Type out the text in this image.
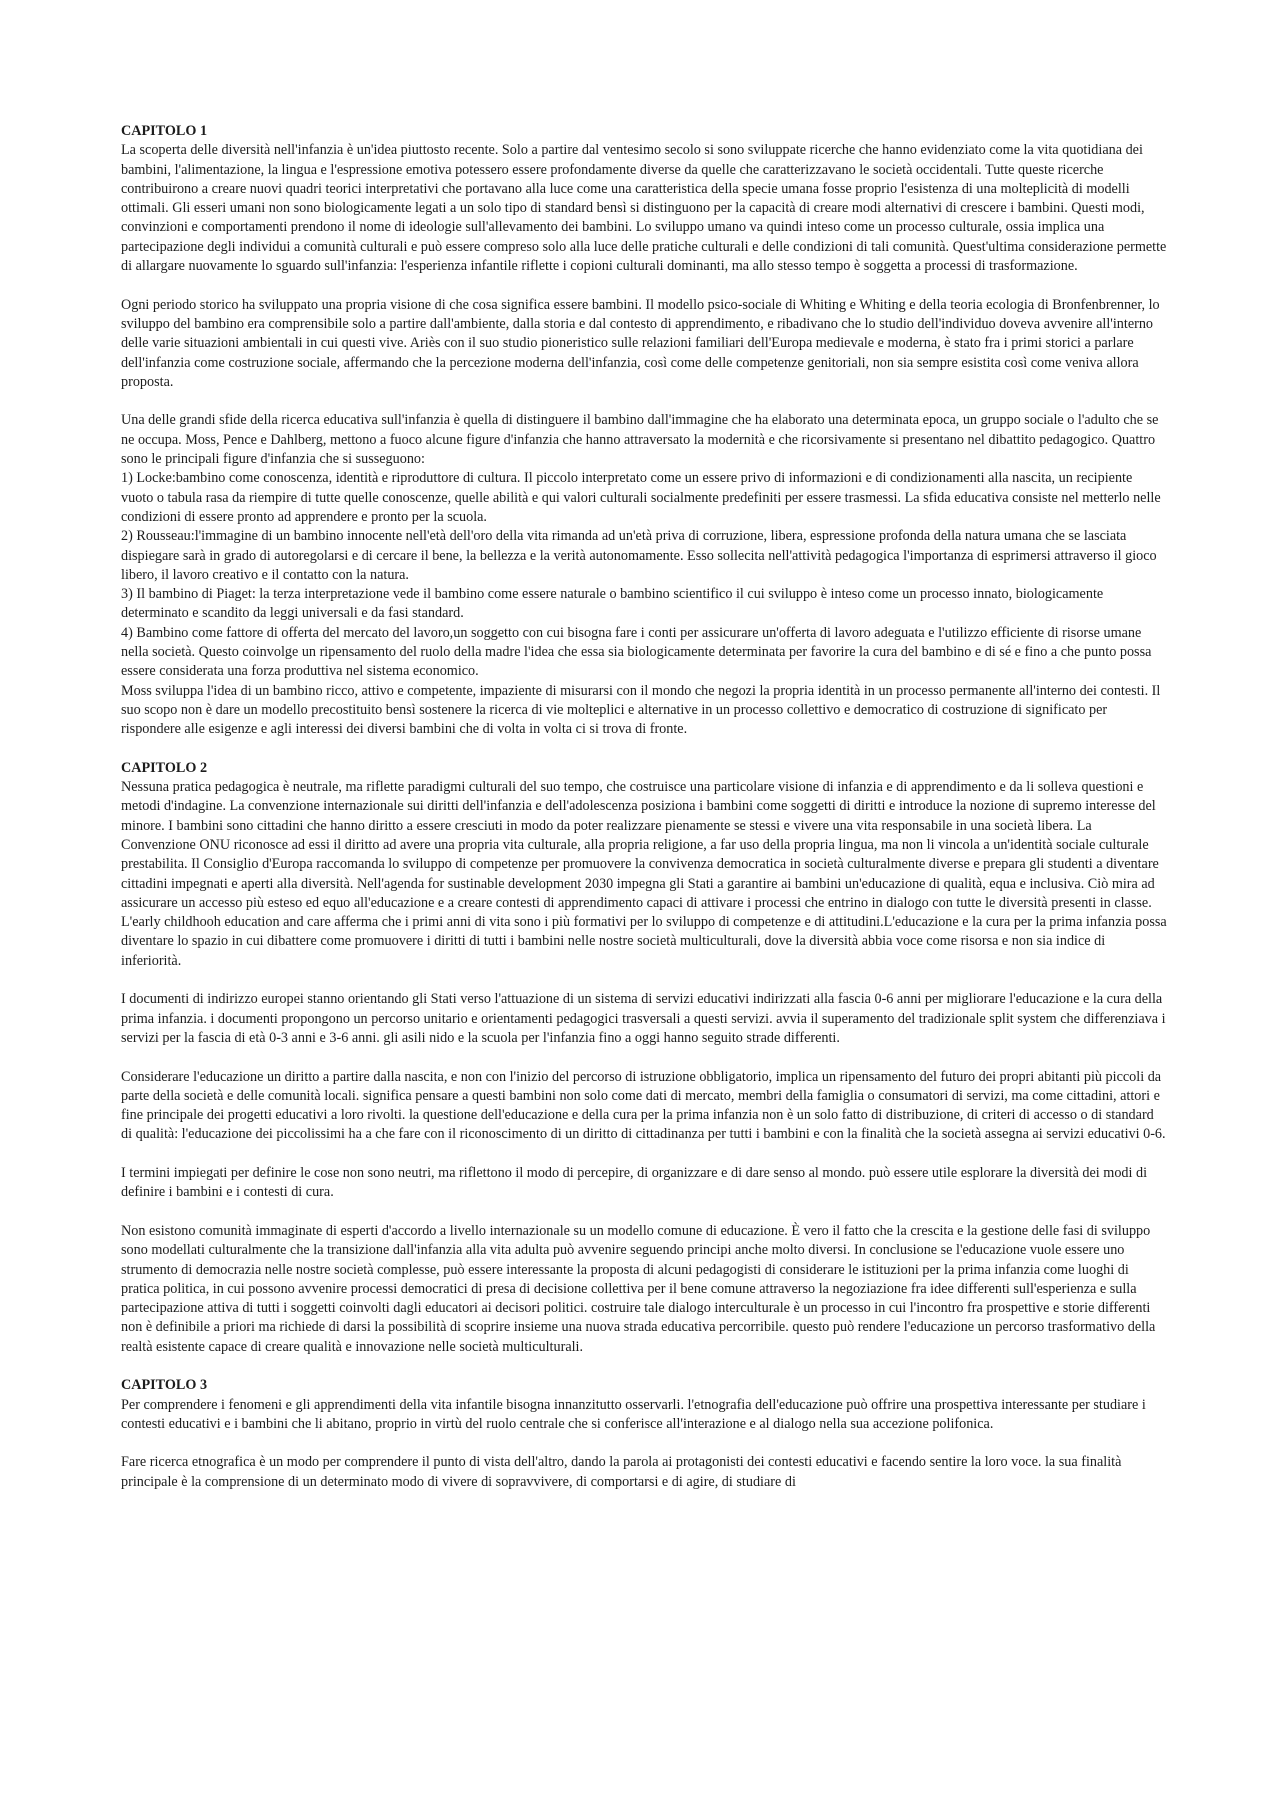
CAPITOLO 1

La scoperta delle diversità nell'infanzia è un'idea piuttosto recente. Solo a partire dal ventesimo secolo si sono sviluppate ricerche che hanno evidenziato come la vita quotidiana dei bambini, l'alimentazione, la lingua e l'espressione emotiva potessero essere profondamente diverse da quelle che caratterizzavano le società occidentali. Tutte queste ricerche contribuirono a creare nuovi quadri teorici interpretativi che portavano alla luce come una caratteristica della specie umana fosse proprio l'esistenza di una molteplicità di modelli ottimali. Gli esseri umani non sono biologicamente legati a un solo tipo di standard bensì si distinguono per la capacità di creare modi alternativi di crescere i bambini. Questi modi, convinzioni e comportamenti prendono il nome di ideologie sull'allevamento dei bambini. Lo sviluppo umano va quindi inteso come un processo culturale, ossia implica una partecipazione degli individui a comunità culturali e può essere compreso solo alla luce delle pratiche culturali e delle condizioni di tali comunità. Quest'ultima considerazione permette di allargare nuovamente lo sguardo sull'infanzia: l'esperienza infantile riflette i copioni culturali dominanti, ma allo stesso tempo è soggetta a processi di trasformazione.

Ogni periodo storico ha sviluppato una propria visione di che cosa significa essere bambini. Il modello psico-sociale di Whiting e Whiting e della teoria ecologia di Bronfenbrenner, lo sviluppo del bambino era comprensibile solo a partire dall'ambiente, dalla storia e dal contesto di apprendimento, e ribadivano che lo studio dell'individuo doveva avvenire all'interno delle varie situazioni ambientali in cui questi vive. Ariès con il suo studio pioneristico sulle relazioni familiari dell'Europa medievale e moderna, è stato fra i primi storici a parlare dell'infanzia come costruzione sociale, affermando che la percezione moderna dell'infanzia, così come delle competenze genitoriali, non sia sempre esistita così come veniva allora proposta.

Una delle grandi sfide della ricerca educativa sull'infanzia è quella di distinguere il bambino dall'immagine che ha elaborato una determinata epoca, un gruppo sociale o l'adulto che se ne occupa. Moss, Pence e Dahlberg, mettono a fuoco alcune figure d'infanzia che hanno attraversato la modernità e che ricorsivamente si presentano nel dibattito pedagogico. Quattro sono le principali figure d'infanzia che si susseguono:
1) Locke:bambino come conoscenza, identità e riproduttore di cultura. Il piccolo interpretato come un essere privo di informazioni e di condizionamenti alla nascita, un recipiente vuoto o tabula rasa da riempire di tutte quelle conoscenze, quelle abilità e qui valori culturali socialmente predefiniti per essere trasmessi. La sfida educativa consiste nel metterlo nelle condizioni di essere pronto ad apprendere e pronto per la scuola.
2) Rousseau:l'immagine di un bambino innocente nell'età dell'oro della vita rimanda ad un'età priva di corruzione, libera, espressione profonda della natura umana che se lasciata dispiegare sarà in grado di autoregolarsi e di cercare il bene, la bellezza e la verità autonomamente. Esso sollecita nell'attività pedagogica l'importanza di esprimersi attraverso il gioco libero, il lavoro creativo e il contatto con la natura.
3) Il bambino di Piaget: la terza interpretazione vede il bambino come essere naturale o bambino scientifico il cui sviluppo è inteso come un processo innato, biologicamente determinato e scandito da leggi universali e da fasi standard.
4) Bambino come fattore di offerta del mercato del lavoro,un soggetto con cui bisogna fare i conti per assicurare un'offerta di lavoro adeguata e l'utilizzo efficiente di risorse umane nella società. Questo coinvolge un ripensamento del ruolo della madre l'idea che essa sia biologicamente determinata per favorire la cura del bambino e di sé e fino a che punto possa essere considerata una forza produttiva nel sistema economico.
Moss sviluppa l'idea di un bambino ricco, attivo e competente, impaziente di misurarsi con il mondo che negozi la propria identità in un processo permanente all'interno dei contesti. Il suo scopo non è dare un modello precostituito bensì sostenere la ricerca di vie molteplici e alternative in un processo collettivo e democratico di costruzione di significato per rispondere alle esigenze e agli interessi dei diversi bambini che di volta in volta ci si trova di fronte.

CAPITOLO 2

Nessuna pratica pedagogica è neutrale, ma riflette paradigmi culturali del suo tempo, che costruisce una particolare visione di infanzia e di apprendimento e da li solleva questioni e metodi d'indagine. La convenzione internazionale sui diritti dell'infanzia e dell'adolescenza posiziona i bambini come soggetti di diritti e introduce la nozione di supremo interesse del minore. I bambini sono cittadini che hanno diritto a essere cresciuti in modo da poter realizzare pienamente se stessi e vivere una vita responsabile in una società libera. La Convenzione ONU riconosce ad essi il diritto ad avere una propria vita culturale, alla propria religione, a far uso della propria lingua, ma non li vincola a un'identità sociale culturale prestabilita. Il Consiglio d'Europa raccomanda lo sviluppo di competenze per promuovere la convivenza democratica in società culturalmente diverse e prepara gli studenti a diventare cittadini impegnati e aperti alla diversità. Nell'agenda for sustinable development 2030 impegna gli Stati a garantire ai bambini un'educazione di qualità, equa e inclusiva. Ciò mira ad assicurare un accesso più esteso ed equo all'educazione e a creare contesti di apprendimento capaci di attivare i processi che entrino in dialogo con tutte le diversità presenti in classe. L'early childhooh education and care afferma che i primi anni di vita sono i più formativi per lo sviluppo di competenze e di attitudini.L'educazione e la cura per la prima infanzia possa diventare lo spazio in cui dibattere come promuovere i diritti di tutti i bambini nelle nostre società multiculturali, dove la diversità abbia voce come risorsa e non sia indice di inferiorità.

I documenti di indirizzo europei stanno orientando gli Stati verso l'attuazione di un sistema di servizi educativi indirizzati alla fascia 0-6 anni per migliorare l'educazione e la cura della prima infanzia. i documenti propongono un percorso unitario e orientamenti pedagogici trasversali a questi servizi. avvia il superamento del tradizionale split system che differenziava i servizi per la fascia di età 0-3 anni e 3-6 anni. gli asili nido e la scuola per l'infanzia fino a oggi hanno seguito strade differenti.

Considerare l'educazione un diritto a partire dalla nascita, e non con l'inizio del percorso di istruzione obbligatorio, implica un ripensamento del futuro dei propri abitanti più piccoli da parte della società e delle comunità locali. significa pensare a questi bambini non solo come dati di mercato, membri della famiglia o consumatori di servizi, ma come cittadini, attori e fine principale dei progetti educativi a loro rivolti. la questione dell'educazione e della cura per la prima infanzia non è un solo fatto di distribuzione, di criteri di accesso o di standard di qualità: l'educazione dei piccolissimi ha a che fare con il riconoscimento di un diritto di cittadinanza per tutti i bambini e con la finalità che la società assegna ai servizi educativi 0-6.

I termini impiegati per definire le cose non sono neutri, ma riflettono il modo di percepire, di organizzare e di dare senso al mondo. può essere utile esplorare la diversità dei modi di definire i bambini e i contesti di cura.

Non esistono comunità immaginate di esperti d'accordo a livello internazionale su un modello comune di educazione. È vero il fatto che la crescita e la gestione delle fasi di sviluppo sono modellati culturalmente che la transizione dall'infanzia alla vita adulta può avvenire seguendo principi anche molto diversi. In conclusione se l'educazione vuole essere uno strumento di democrazia nelle nostre società complesse, può essere interessante la proposta di alcuni pedagogisti di considerare le istituzioni per la prima infanzia come luoghi di pratica politica, in cui possono avvenire processi democratici di presa di decisione collettiva per il bene comune attraverso la negoziazione fra idee differenti sull'esperienza e sulla partecipazione attiva di tutti i soggetti coinvolti dagli educatori ai decisori politici. costruire tale dialogo interculturale è un processo in cui l'incontro fra prospettive e storie differenti non è definibile a priori ma richiede di darsi la possibilità di scoprire insieme una nuova strada educativa percorribile. questo può rendere l'educazione un percorso trasformativo della realtà esistente capace di creare qualità e innovazione nelle società multiculturali.

CAPITOLO 3

Per comprendere i fenomeni e gli apprendimenti della vita infantile bisogna innanzitutto osservarli. l'etnografia dell'educazione può offrire una prospettiva interessante per studiare i contesti educativi e i bambini che li abitano, proprio in virtù del ruolo centrale che si conferisce all'interazione e al dialogo nella sua accezione polifonica.

Fare ricerca etnografica è un modo per comprendere il punto di vista dell'altro, dando la parola ai protagonisti dei contesti educativi e facendo sentire la loro voce. la sua finalità principale è la comprensione di un determinato modo di vivere di sopravvivere, di comportarsi e di agire, di studiare di
